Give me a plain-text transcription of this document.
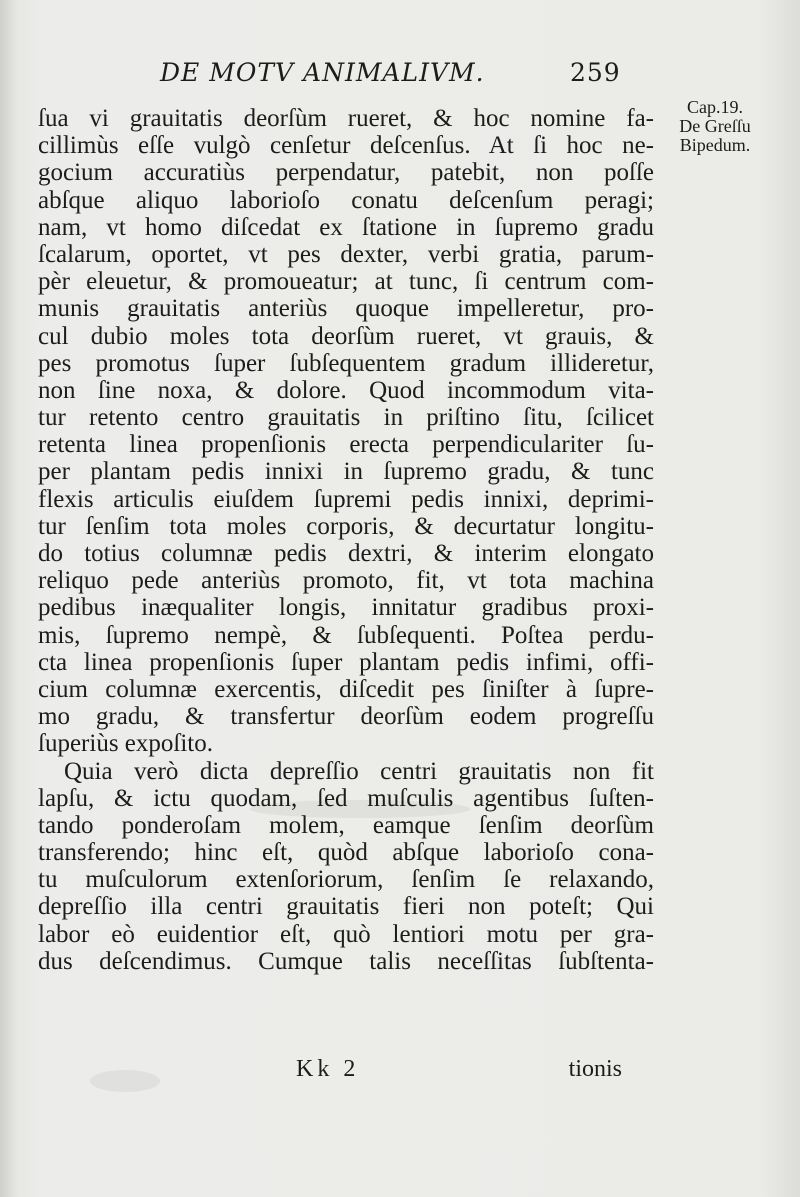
DE MOTV ANIMALIVM.	259
Cap.19.
De Greſſu
Bipedum.
ſua vi grauitatis deorſùm rueret, & hoc nomine fa-
cillimùs eſſe vulgò cenſetur deſcenſus. At ſi hoc ne-
gocium accuratiùs perpendatur, patebit, non poſſe
abſque aliquo laborioſo conatu deſcenſum peragi;
nam, vt homo diſcedat ex ſtatione in ſupremo gradu
ſcalarum, oportet, vt pes dexter, verbi gratia, parum-
pèr eleuetur, & promoueatur; at tunc, ſi centrum com-
munis grauitatis anteriùs quoque impelleretur, pro-
cul dubio moles tota deorſùm rueret, vt grauis, &
pes promotus ſuper ſubſequentem gradum illideretur,
non ſine noxa, & dolore. Quod incommodum vita-
tur retento centro grauitatis in priſtino ſitu, ſcilicet
retenta linea propenſionis erecta perpendiculariter ſu-
per plantam pedis innixi in ſupremo gradu, & tunc
flexis articulis eiuſdem ſupremi pedis innixi, deprimi-
tur ſenſim tota moles corporis, & decurtatur longitu-
do totius columnæ pedis dextri, & interim elongato
reliquo pede anteriùs promoto, fit, vt tota machina
pedibus inæqualiter longis, innitatur gradibus proxi-
mis, ſupremo nempè, & ſubſequenti. Poſtea perdu-
cta linea propenſionis ſuper plantam pedis infimi, offi-
cium columnæ exercentis, diſcedit pes ſiniſter à ſupre-
mo gradu, & transfertur deorſùm eodem progreſſu
ſuperiùs expoſito.
Quia verò dicta depreſſio centri grauitatis non fit
lapſu, & ictu quodam, ſed muſculis agentibus ſuſten-
tando ponderoſam molem, eamque ſenſim deorſùm
transferendo; hinc eſt, quòd abſque laborioſo cona-
tu muſculorum extenſoriorum, ſenſim ſe relaxando,
depreſſio illa centri grauitatis fieri non poteſt; Qui
labor eò euidentior eſt, quò lentiori motu per gra-
dus deſcendimus. Cumque talis neceſſitas ſubſtenta-
Kk 2	tionis
